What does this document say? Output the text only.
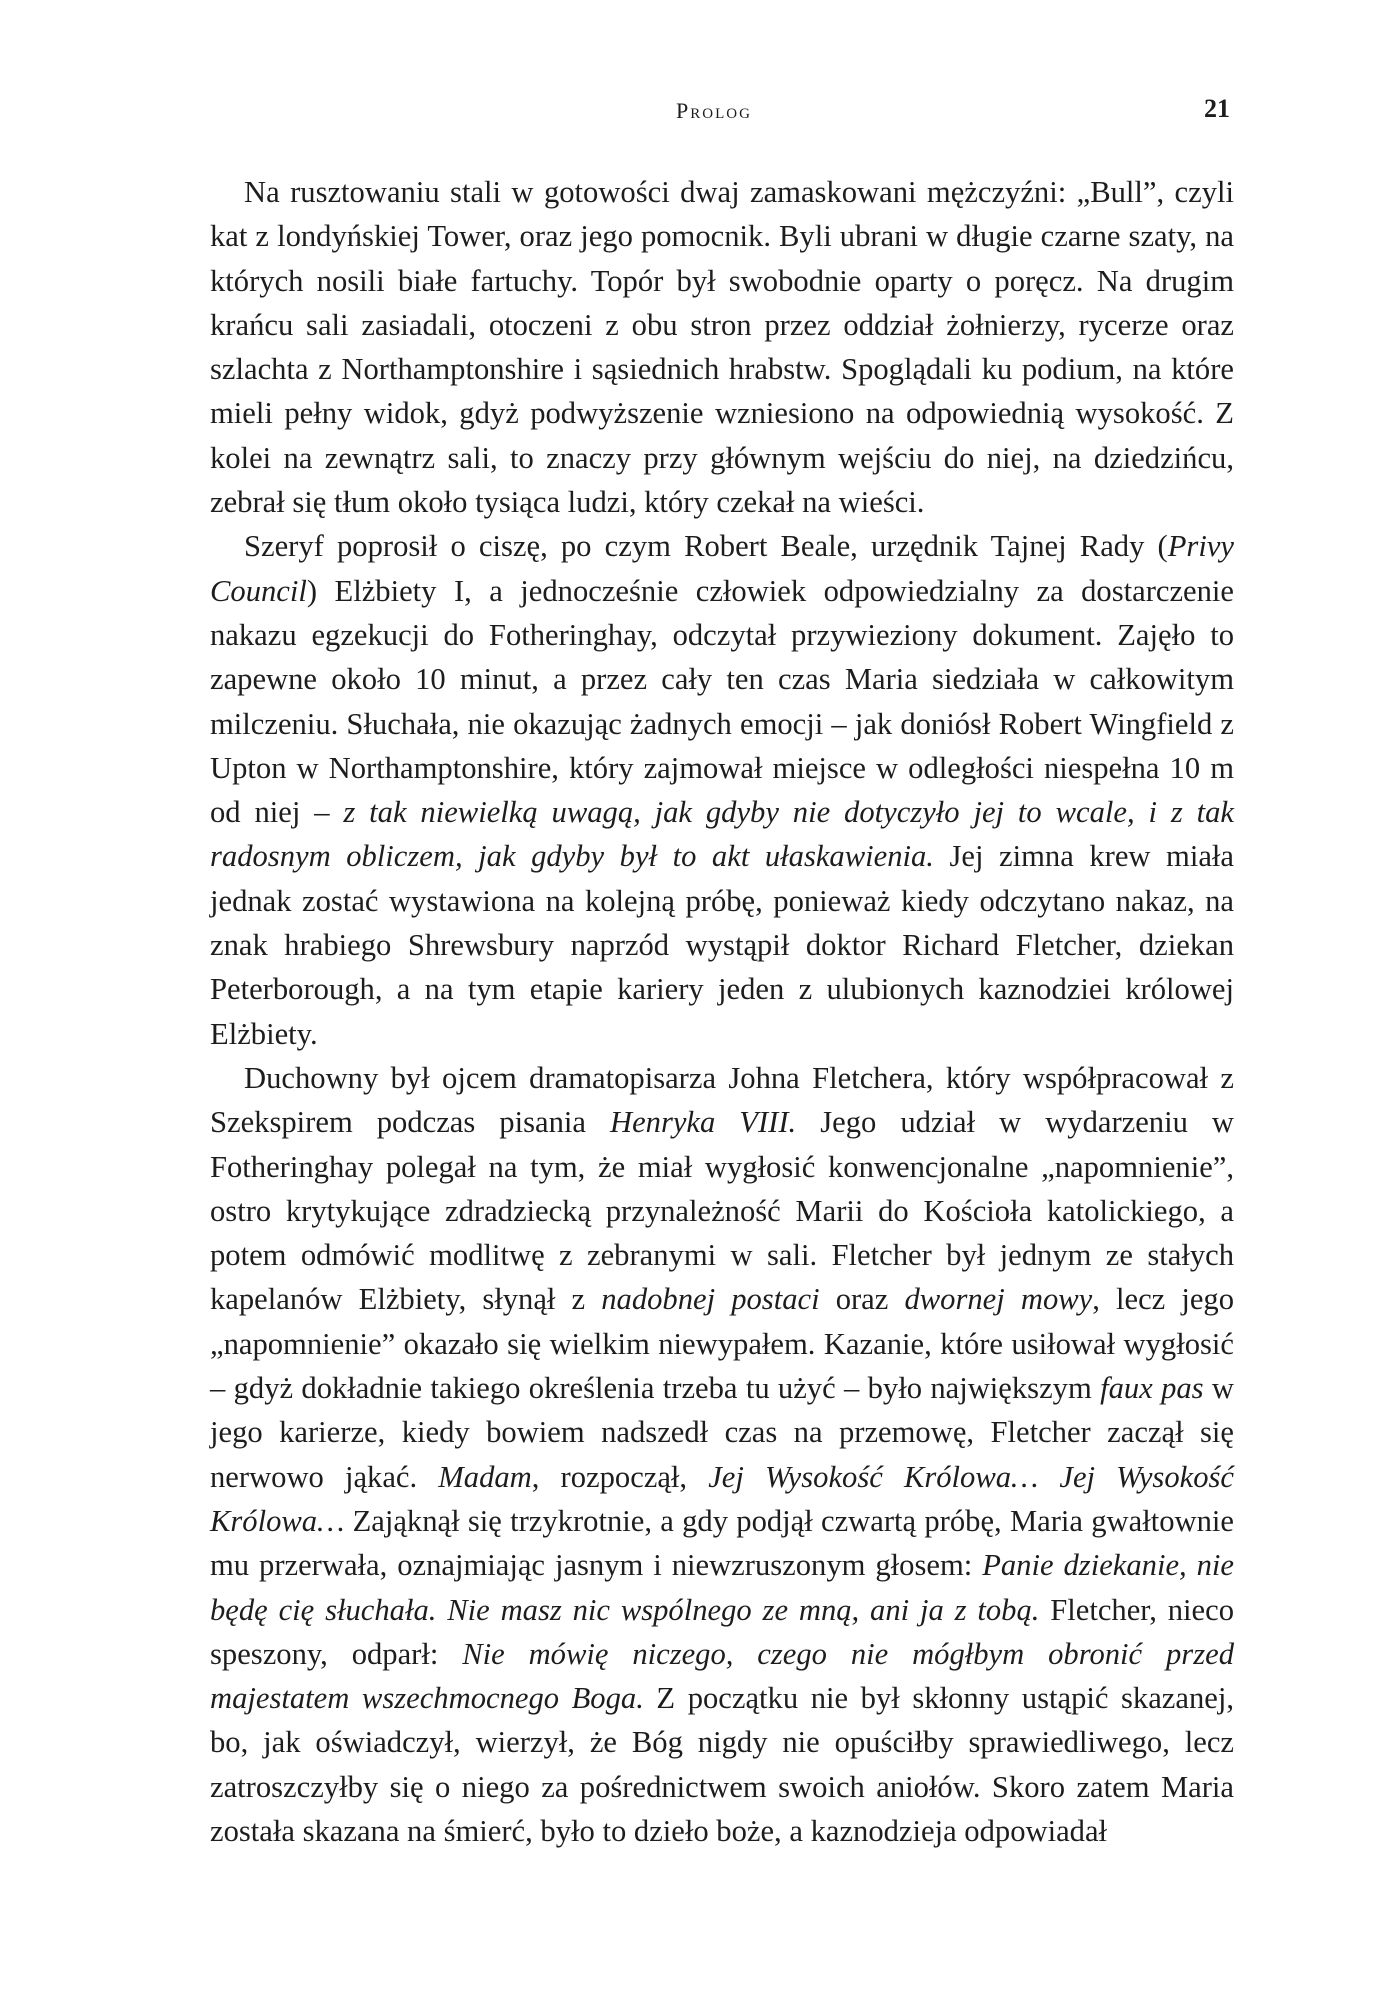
Prolog	21

Na rusztowaniu stali w gotowości dwaj zamaskowani mężczyźni: „Bull”, czyli kat z londyńskiej Tower, oraz jego pomocnik. Byli ubrani w długie czarne szaty, na których nosili białe fartuchy. Topór był swobodnie oparty o poręcz. Na drugim krańcu sali zasiadali, otoczeni z obu stron przez oddział żołnierzy, rycerze oraz szlachta z Northamptonshire i sąsiednich hrabstw. Spoglądali ku podium, na które mieli pełny widok, gdyż podwyższenie wzniesiono na odpowiednią wysokość. Z kolei na zewnątrz sali, to znaczy przy głównym wejściu do niej, na dziedzińcu, zebrał się tłum około tysiąca ludzi, który czekał na wieści.

Szeryf poprosił o ciszę, po czym Robert Beale, urzędnik Tajnej Rady (Privy Council) Elżbiety I, a jednocześnie człowiek odpowiedzialny za dostarczenie nakazu egzekucji do Fotheringhay, odczytał przywieziony dokument. Zajęło to zapewne około 10 minut, a przez cały ten czas Maria siedziała w całkowitym milczeniu. Słuchała, nie okazując żadnych emocji – jak doniósł Robert Wingfield z Upton w Northamptonshire, który zajmował miejsce w odległości niespełna 10 m od niej – z tak niewielką uwagą, jak gdyby nie dotyczyło jej to wcale, i z tak radosnym obliczem, jak gdyby był to akt ułaskawienia. Jej zimna krew miała jednak zostać wystawiona na kolejną próbę, ponieważ kiedy odczytano nakaz, na znak hrabiego Shrewsbury naprzód wystąpił doktor Richard Fletcher, dziekan Peterborough, a na tym etapie kariery jeden z ulubionych kaznodziei królowej Elżbiety.

Duchowny był ojcem dramatopisarza Johna Fletchera, który współpracował z Szekspirem podczas pisania Henryka VIII. Jego udział w wydarzeniu w Fotheringhay polegał na tym, że miał wygłosić konwencjonalne „napomnienie”, ostro krytykujące zdradziecką przynależność Marii do Kościoła katolickiego, a potem odmówić modlitwę z zebranymi w sali. Fletcher był jednym ze stałych kapelanów Elżbiety, słynął z nadobnej postaci oraz dwornej mowy, lecz jego „napomnienie” okazało się wielkim niewypałem. Kazanie, które usiłował wygłosić – gdyż dokładnie takiego określenia trzeba tu użyć – było największym faux pas w jego karierze, kiedy bowiem nadszedł czas na przemowę, Fletcher zaczął się nerwowo jąkać. Madam, rozpoczął, Jej Wysokość Królowa… Jej Wysokość Królowa… Zająknął się trzykrotnie, a gdy podjął czwartą próbę, Maria gwałtownie mu przerwała, oznajmiając jasnym i niewzruszonym głosem: Panie dziekanie, nie będę cię słuchała. Nie masz nic wspólnego ze mną, ani ja z tobą. Fletcher, nieco speszony, odparł: Nie mówię niczego, czego nie mógłbym obronić przed majestatem wszechmocnego Boga. Z początku nie był skłonny ustąpić skazanej, bo, jak oświadczył, wierzył, że Bóg nigdy nie opuściłby sprawiedliwego, lecz zatroszczyłby się o niego za pośrednictwem swoich aniołów. Skoro zatem Maria została skazana na śmierć, było to dzieło boże, a kaznodzieja odpowiadał
